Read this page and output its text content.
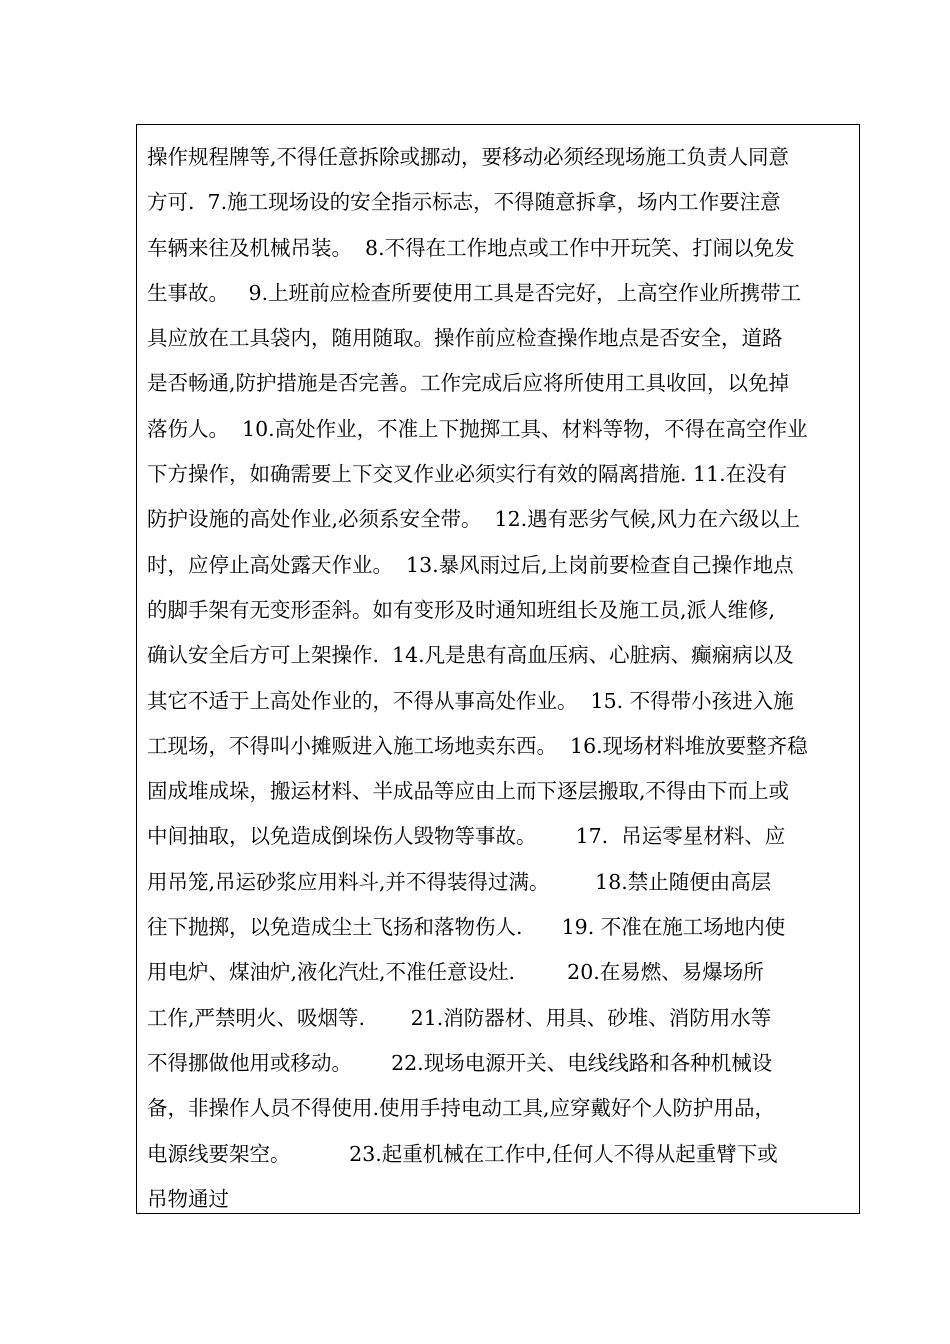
操作规程牌等,不得任意拆除或挪动，要移动必须经现场施工负责人同意
方可.  7.施工现场设的安全指示标志，不得随意拆拿，场内工作要注意
车辆来往及机械吊装。  8.不得在工作地点或工作中开玩笑、打闹以免发
生事故。   9.上班前应检查所要使用工具是否完好，上高空作业所携带工
具应放在工具袋内，随用随取。操作前应检查操作地点是否安全，道路
是否畅通,防护措施是否完善。工作完成后应将所使用工具收回，以免掉
落伤人。  10.高处作业，不准上下抛掷工具、材料等物，不得在高空作业
下方操作，如确需要上下交叉作业必须实行有效的隔离措施. 11.在没有
防护设施的高处作业,必须系安全带。  12.遇有恶劣气候,风力在六级以上
时，应停止高处露天作业。  13.暴风雨过后,上岗前要检查自己操作地点
的脚手架有无变形歪斜。如有变形及时通知班组长及施工员,派人维修,
确认安全后方可上架操作.  14.凡是患有高血压病、心脏病、癫痫病以及
其它不适于上高处作业的，不得从事高处作业。  15. 不得带小孩进入施
工现场，不得叫小摊贩进入施工场地卖东西。  16.现场材料堆放要整齐稳
固成堆成垛，搬运材料、半成品等应由上而下逐层搬取,不得由下而上或
中间抽取，以免造成倒垛伤人毁物等事故。      17.  吊运零星材料、应
用吊笼,吊运砂浆应用料斗,并不得装得过满。       18.禁止随便由高层
往下抛掷，以免造成尘土飞扬和落物伤人.      19. 不准在施工场地内使
用电炉、煤油炉,液化汽灶,不准任意设灶.        20.在易燃、易爆场所
工作,严禁明火、吸烟等.       21.消防器材、用具、砂堆、消防用水等
不得挪做他用或移动。      22.现场电源开关、电线线路和各种机械设
备，非操作人员不得使用.使用手持电动工具,应穿戴好个人防护用品，
电源线要架空。         23.起重机械在工作中,任何人不得从起重臂下或
吊物通过
